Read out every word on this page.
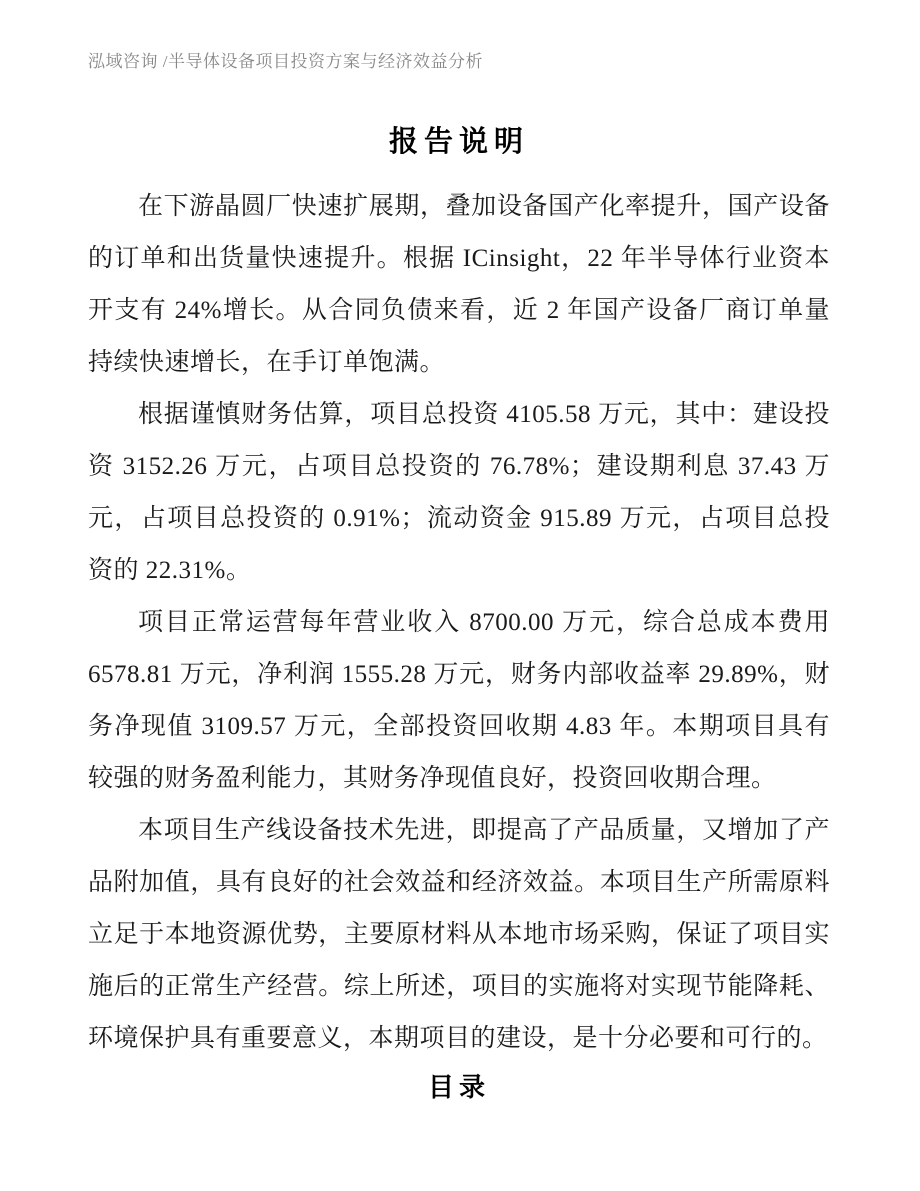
泓域咨询 /半导体设备项目投资方案与经济效益分析
报告说明

在下游晶圆厂快速扩展期，叠加设备国产化率提升，国产设备的订单和出货量快速提升。根据 ICinsight，22 年半导体行业资本开支有 24%增长。从合同负债来看，近 2 年国产设备厂商订单量持续快速增长，在手订单饱满。

根据谨慎财务估算，项目总投资 4105.58 万元，其中：建设投资 3152.26 万元，占项目总投资的 76.78%；建设期利息 37.43 万元，占项目总投资的 0.91%；流动资金 915.89 万元，占项目总投资的 22.31%。

项目正常运营每年营业收入 8700.00 万元，综合总成本费用 6578.81 万元，净利润 1555.28 万元，财务内部收益率 29.89%，财务净现值 3109.57 万元，全部投资回收期 4.83 年。本期项目具有较强的财务盈利能力，其财务净现值良好，投资回收期合理。

本项目生产线设备技术先进，即提高了产品质量，又增加了产品附加值，具有良好的社会效益和经济效益。本项目生产所需原料立足于本地资源优势，主要原材料从本地市场采购，保证了项目实施后的正常生产经营。综上所述，项目的实施将对实现节能降耗、环境保护具有重要意义，本期项目的建设，是十分必要和可行的。

目录
